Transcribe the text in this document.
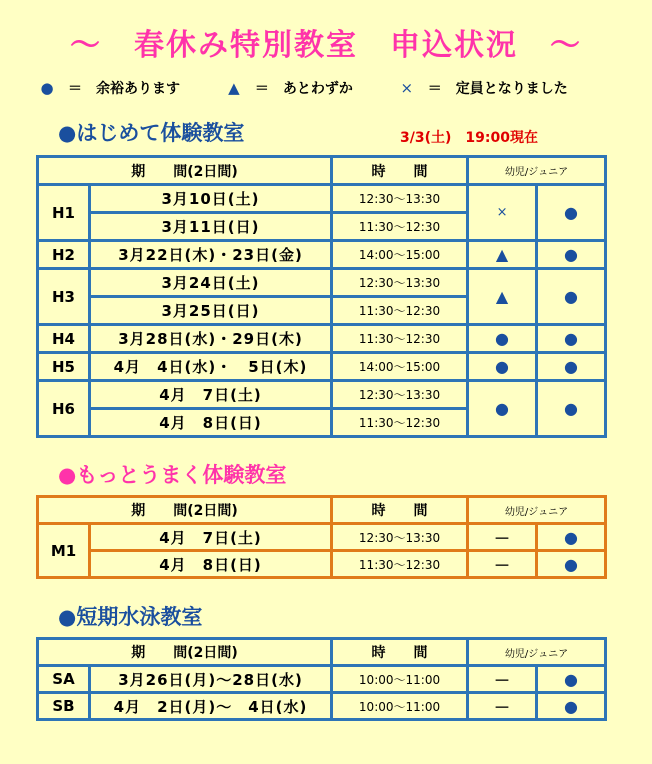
～　春休み特別教室　申込状況　～
● ＝ 余裕あります	▲ ＝ あとわずか	× ＝ 定員となりました
●はじめて体験教室	3/3(土)　19:00現在
期　　間(2日間)		時　　間	幼児/ジュニア	
H1	3月10日(土)	12:30～13:30	×	●
	3月11日(日)	11:30～12:30		
H2	3月22日(木)・23日(金)	14:00～15:00	▲	●
H3	3月24日(土)	12:30～13:30	▲	●
	3月25日(日)	11:30～12:30		
H4	3月28日(水)・29日(木)	11:30～12:30	●	●
H5	4月　4日(水)・　5日(木)	14:00～15:00	●	●
H6	4月　7日(土)	12:30～13:30	●	●
	4月　8日(日)	11:30～12:30		
●もっとうまく体験教室
期　　間(2日間)		時　　間	幼児/ジュニア	
M1	4月　7日(土)	12:30～13:30	－	●
	4月　8日(日)	11:30～12:30	－	●
●短期水泳教室
期　　間(2日間)		時　　間	幼児/ジュニア	
SA	3月26日(月)～28日(水)	10:00～11:00	－	●
SB	4月　2日(月)～　4日(水)	10:00～11:00	－	●
